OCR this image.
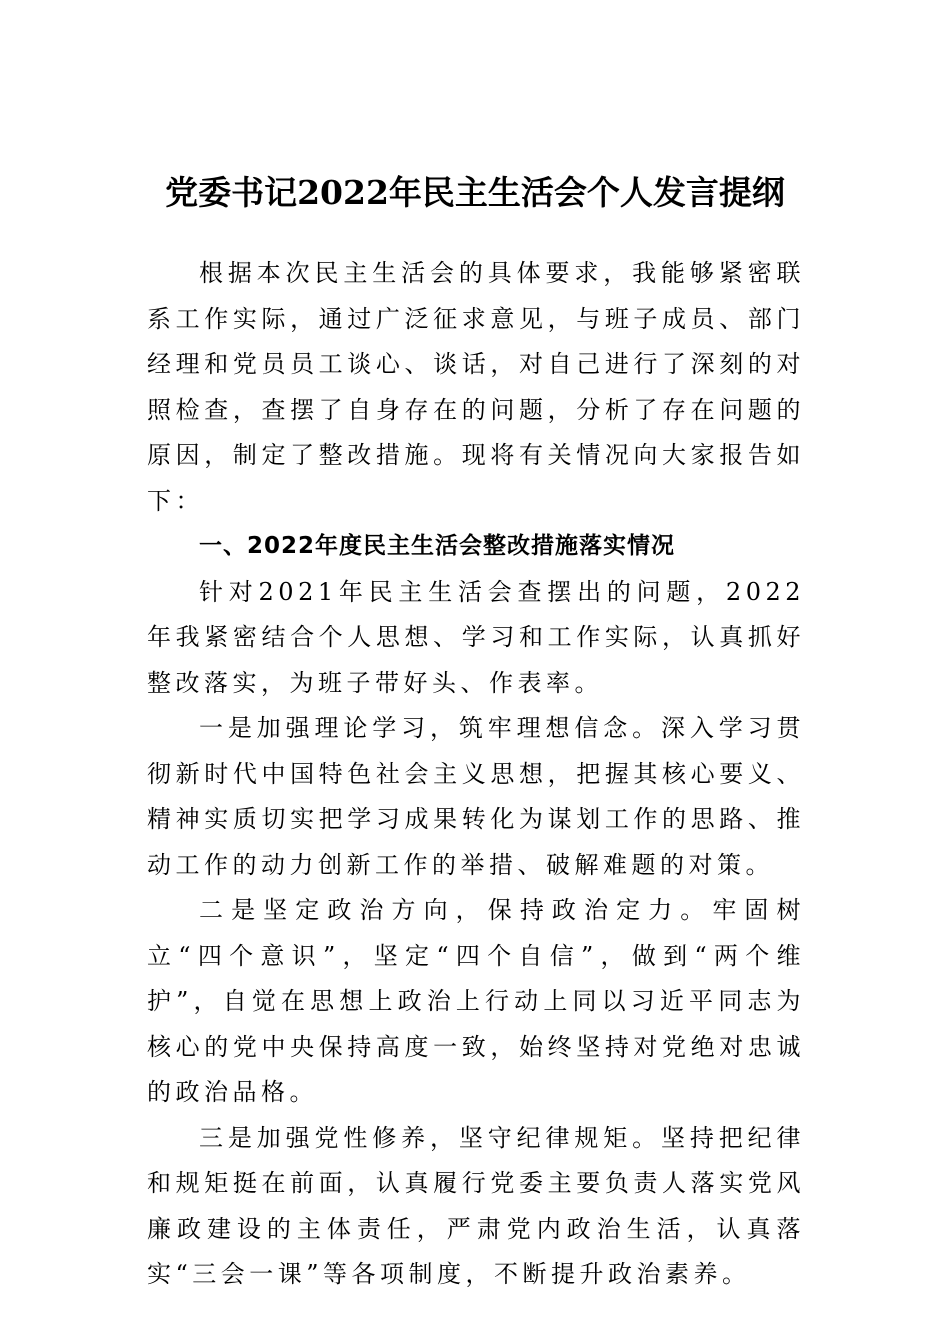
党委书记2022年民主生活会个人发言提纲

根据本次民主生活会的具体要求，我能够紧密联系工作实际，通过广泛征求意见，与班子成员、部门经理和党员员工谈心、谈话，对自己进行了深刻的对照检查，查摆了自身存在的问题，分析了存在问题的原因，制定了整改措施。现将有关情况向大家报告如下：

一、2022年度民主生活会整改措施落实情况

针对2021年民主生活会查摆出的问题，2022年我紧密结合个人思想、学习和工作实际，认真抓好整改落实，为班子带好头、作表率。

一是加强理论学习，筑牢理想信念。深入学习贯彻新时代中国特色社会主义思想，把握其核心要义、精神实质切实把学习成果转化为谋划工作的思路、推动工作的动力创新工作的举措、破解难题的对策。

二是坚定政治方向，保持政治定力。牢固树立“四个意识”，坚定“四个自信”，做到“两个维护”，自觉在思想上政治上行动上同以习近平同志为核心的党中央保持高度一致，始终坚持对党绝对忠诚的政治品格。

三是加强党性修养，坚守纪律规矩。坚持把纪律和规矩挺在前面，认真履行党委主要负责人落实党风廉政建设的主体责任，严肃党内政治生活，认真落实“三会一课”等各项制度，不断提升政治素养。
